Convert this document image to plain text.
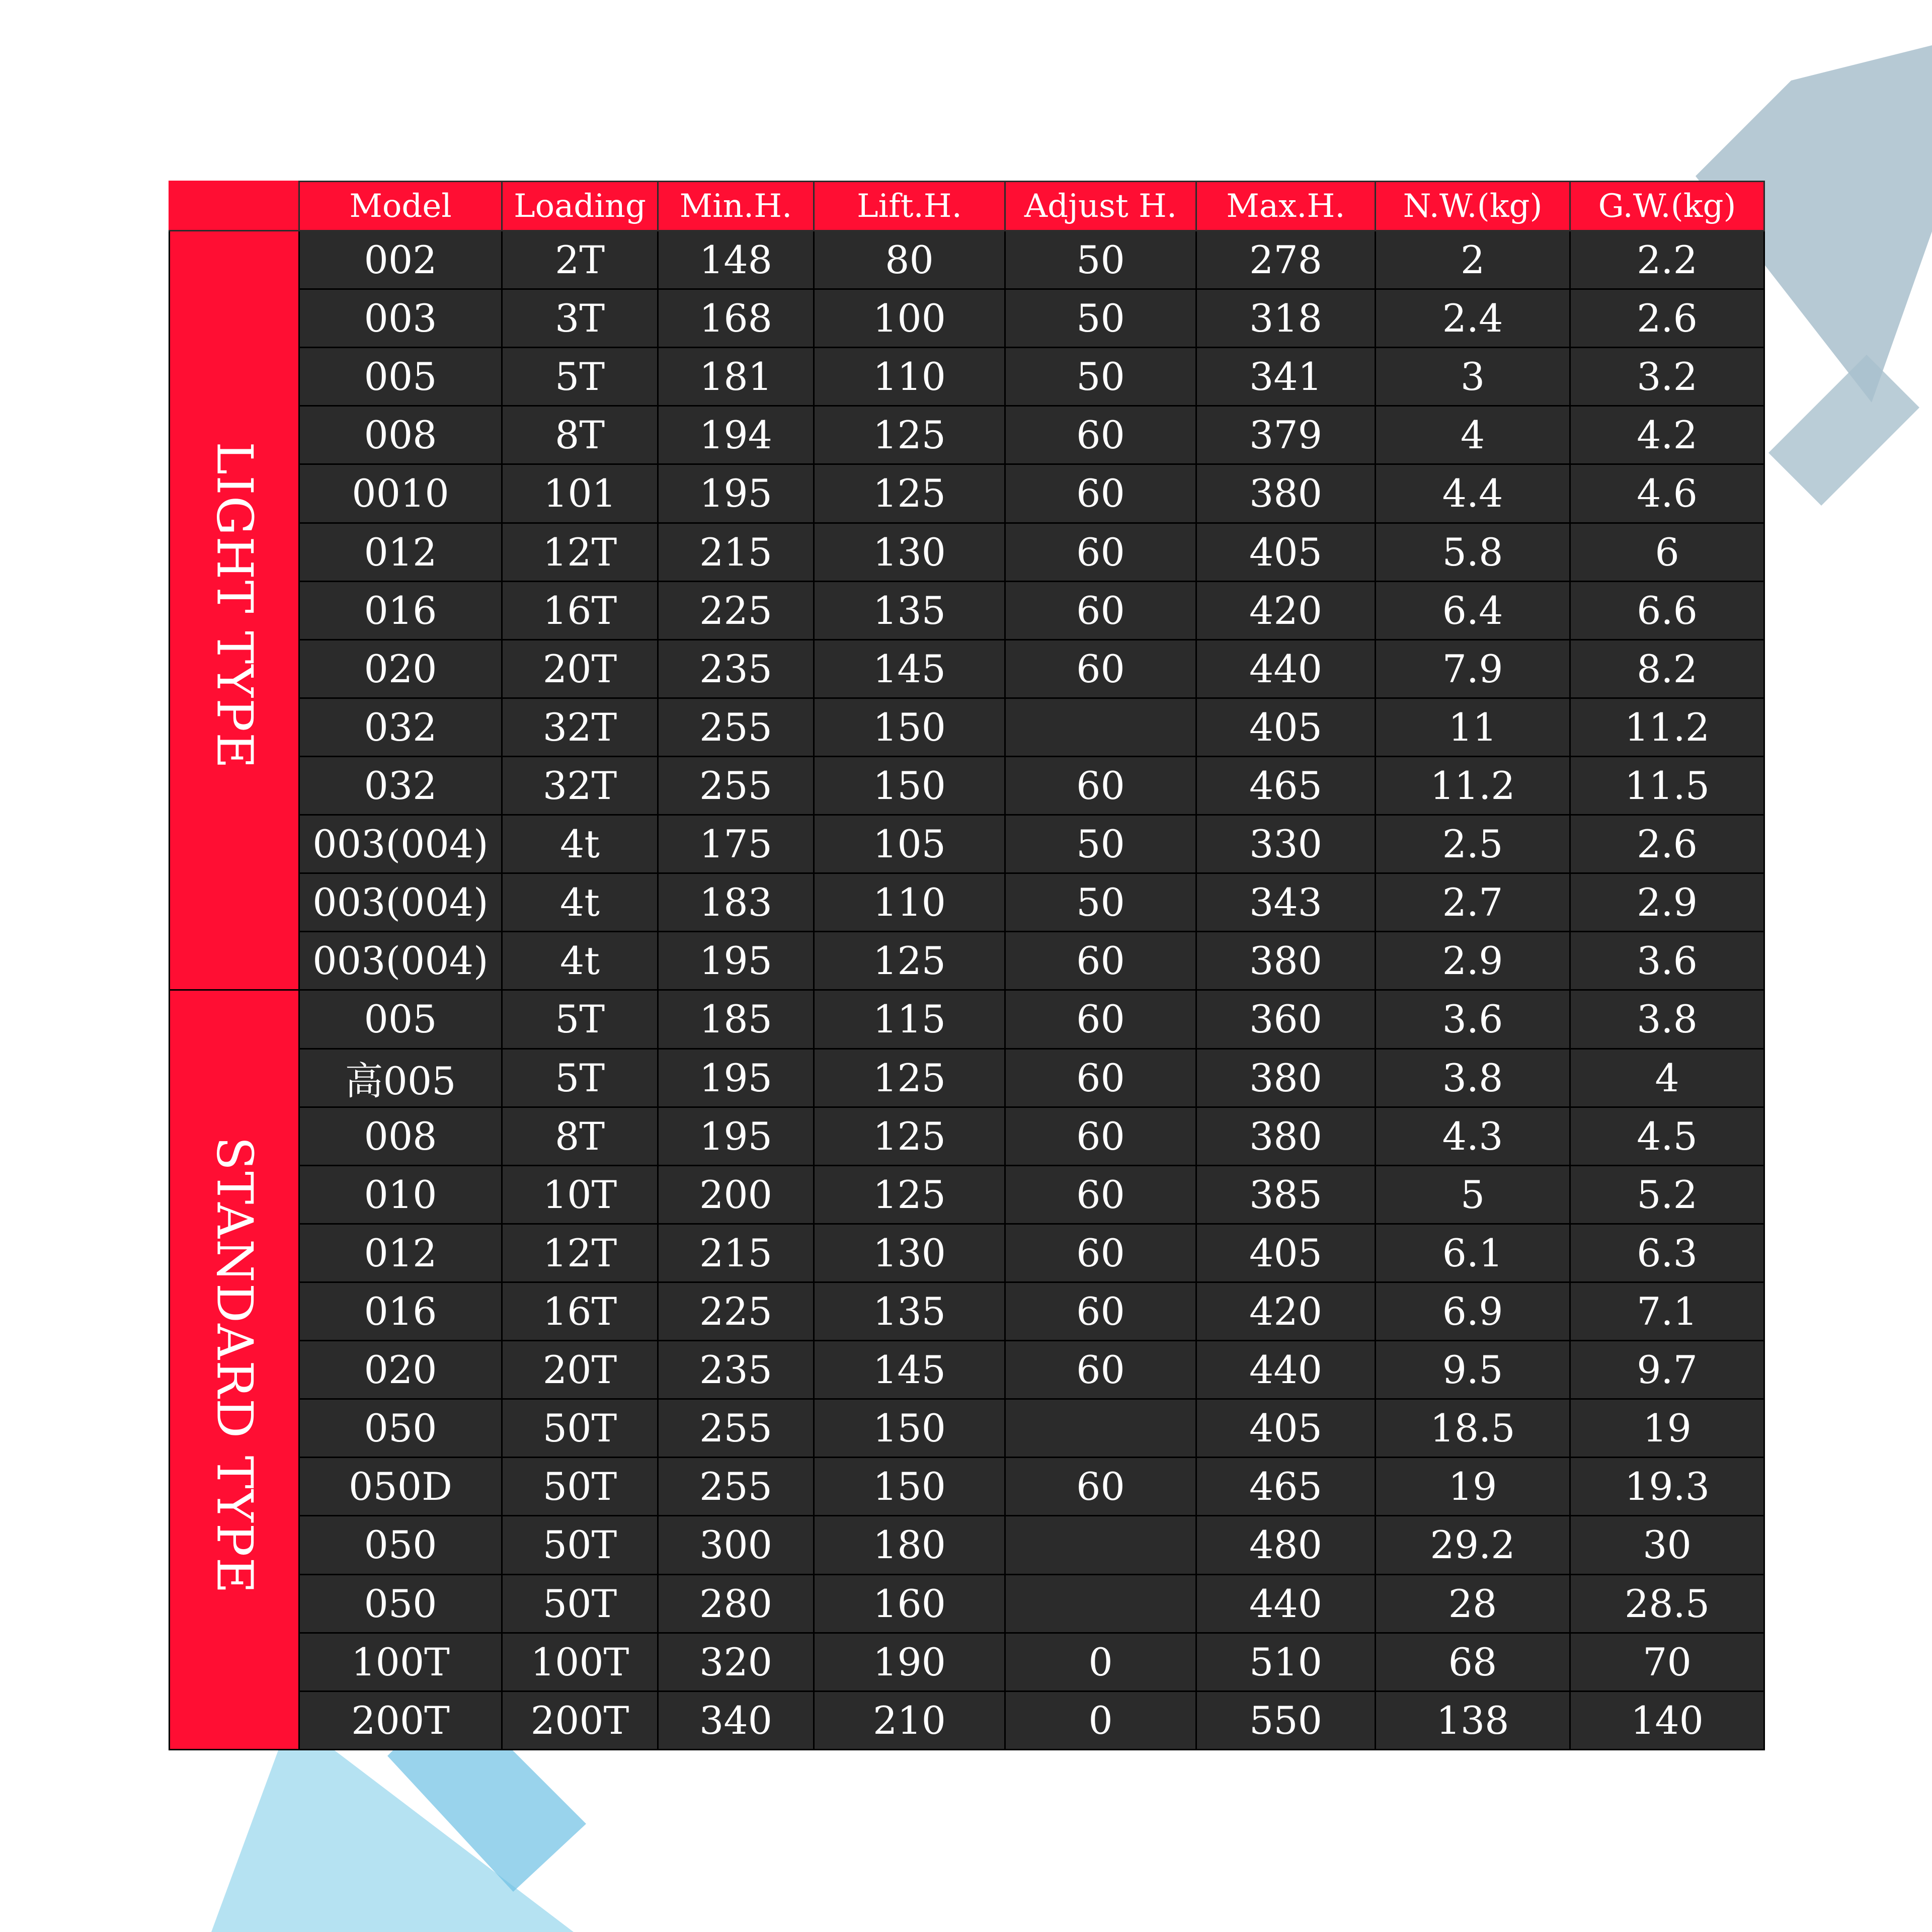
	Model	Loading	Min.H.	Lift.H.	Adjust H.	Max.H.	N.W.(kg)	G.W.(kg)
LIGHT TYPE	002	2T	148	80	50	278	2	2.2
	003	3T	168	100	50	318	2.4	2.6
	005	5T	181	110	50	341	3	3.2
	008	8T	194	125	60	379	4	4.2
	0010	101	195	125	60	380	4.4	4.6
	012	12T	215	130	60	405	5.8	6
	016	16T	225	135	60	420	6.4	6.6
	020	20T	235	145	60	440	7.9	8.2
	032	32T	255	150		405	11	11.2
	032	32T	255	150	60	465	11.2	11.5
	003(004)	4t	175	105	50	330	2.5	2.6
	003(004)	4t	183	110	50	343	2.7	2.9
	003(004)	4t	195	125	60	380	2.9	3.6
STANDARD TYPE	005	5T	185	115	60	360	3.6	3.8
	高005	5T	195	125	60	380	3.8	4
	008	8T	195	125	60	380	4.3	4.5
	010	10T	200	125	60	385	5	5.2
	012	12T	215	130	60	405	6.1	6.3
	016	16T	225	135	60	420	6.9	7.1
	020	20T	235	145	60	440	9.5	9.7
	050	50T	255	150		405	18.5	19
	050D	50T	255	150	60	465	19	19.3
	050	50T	300	180		480	29.2	30
	050	50T	280	160		440	28	28.5
	100T	100T	320	190	0	510	68	70
	200T	200T	340	210	0	550	138	140
